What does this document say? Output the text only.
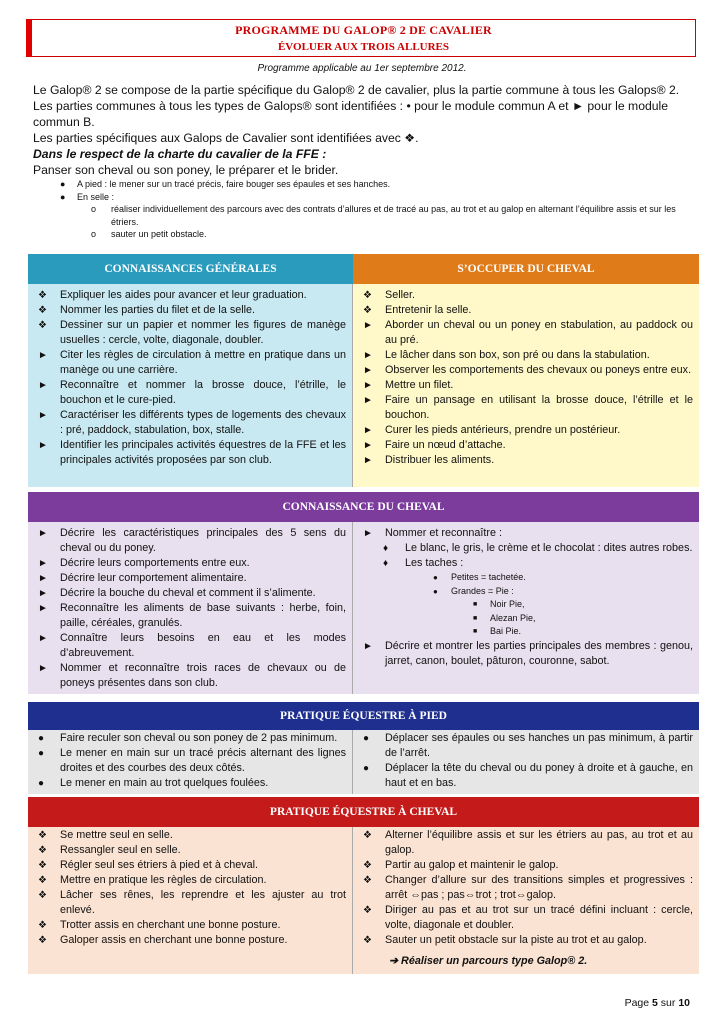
PROGRAMME DU GALOP® 2 DE CAVALIER
ÉVOLUER AUX TROIS ALLURES
Programme applicable au 1er septembre 2012.

Le Galop® 2 se compose de la partie spécifique du Galop® 2 de cavalier, plus la partie commune à tous les Galops® 2.

Les parties communes à tous les types de Galops® sont identifiées : • pour le module commun A et ► pour le module commun B.

Les parties spécifiques aux Galops de Cavalier sont identifiées avec ❖.

Dans le respect de la charte du cavalier de la FFE :

Panser son cheval ou son poney, le préparer et le brider.

● A pied : le mener sur un tracé précis, faire bouger ses épaules et ses hanches.
● En selle :
o réaliser individuellement des parcours avec des contrats d’allures et de tracé au pas, au trot et au galop en alternant l’équilibre assis et sur les étriers.
o sauter un petit obstacle.
CONNAISSANCES GÉNÉRALES	S’OCCUPER DU CHEVAL
❖ Expliquer les aides pour avancer et leur graduation.
❖ Nommer les parties du filet et de la selle.
❖ Dessiner sur un papier et nommer les figures de manège usuelles : cercle, volte, diagonale, doubler.
► Citer les règles de circulation à mettre en pratique dans un manège ou une carrière.
► Reconnaître et nommer la brosse douce, l’étrille, le bouchon et le cure-pied.
► Caractériser les différents types de logements des chevaux : pré, paddock, stabulation, box, stalle.
► Identifier les principales activités équestres de la FFE et les principales activités proposées par son club.
❖ Seller.
❖ Entretenir la selle.
► Aborder un cheval ou un poney en stabulation, au paddock ou au pré.
► Le lâcher dans son box, son pré ou dans la stabulation.
► Observer les comportements des chevaux ou poneys entre eux.
► Mettre un filet.
► Faire un pansage en utilisant la brosse douce, l’étrille et le bouchon.
► Curer les pieds antérieurs, prendre un postérieur.
► Faire un nœud d’attache.
► Distribuer les aliments.
CONNAISSANCE DU CHEVAL
► Décrire les caractéristiques principales des 5 sens du cheval ou du poney.
► Décrire leurs comportements entre eux.
► Décrire leur comportement alimentaire.
► Décrire la bouche du cheval et comment il s’alimente.
► Reconnaître les aliments de base suivants : herbe, foin, paille, céréales, granulés.
► Connaître leurs besoins en eau et les modes d’abreuvement.
► Nommer et reconnaître trois races de chevaux ou de poneys présentes dans son club.
► Nommer et reconnaître :
♦ Le blanc, le gris, le crème et le chocolat : dites autres robes.
♦ Les taches :
● Petites = tachetée.
● Grandes = Pie :
■ Noir Pie,
■ Alezan Pie,
■ Bai Pie.
► Décrire et montrer les parties principales des membres : genou, jarret, canon, boulet, pâturon, couronne, sabot.
PRATIQUE ÉQUESTRE À PIED
● Faire reculer son cheval ou son poney de 2 pas minimum.
● Le mener en main sur un tracé précis alternant des lignes droites et des courbes des deux côtés.
● Le mener en main au trot quelques foulées.
● Déplacer ses épaules ou ses hanches un pas minimum, à partir de l’arrêt.
● Déplacer la tête du cheval ou du poney à droite et à gauche, en haut et en bas.
PRATIQUE ÉQUESTRE À CHEVAL
❖ Se mettre seul en selle.
❖ Ressangler seul en selle.
❖ Régler seul ses étriers à pied et à cheval.
❖ Mettre en pratique les règles de circulation.
❖ Lâcher ses rênes, les reprendre et les ajuster au trot enlevé.
❖ Trotter assis en cherchant une bonne posture.
❖ Galoper assis en cherchant une bonne posture.
❖ Alterner l’équilibre assis et sur les étriers au pas, au trot et au galop.
❖ Partir au galop et maintenir le galop.
❖ Changer d’allure sur des transitions simples et progressives : arrêt ⇔pas ; pas⇔trot ; trot⇔galop.
❖ Diriger au pas et au trot sur un tracé défini incluant : cercle, volte, diagonale et doubler.
❖ Sauter un petit obstacle sur la piste au trot et au galop.
➔ Réaliser un parcours type Galop® 2.
Page 5 sur 10
